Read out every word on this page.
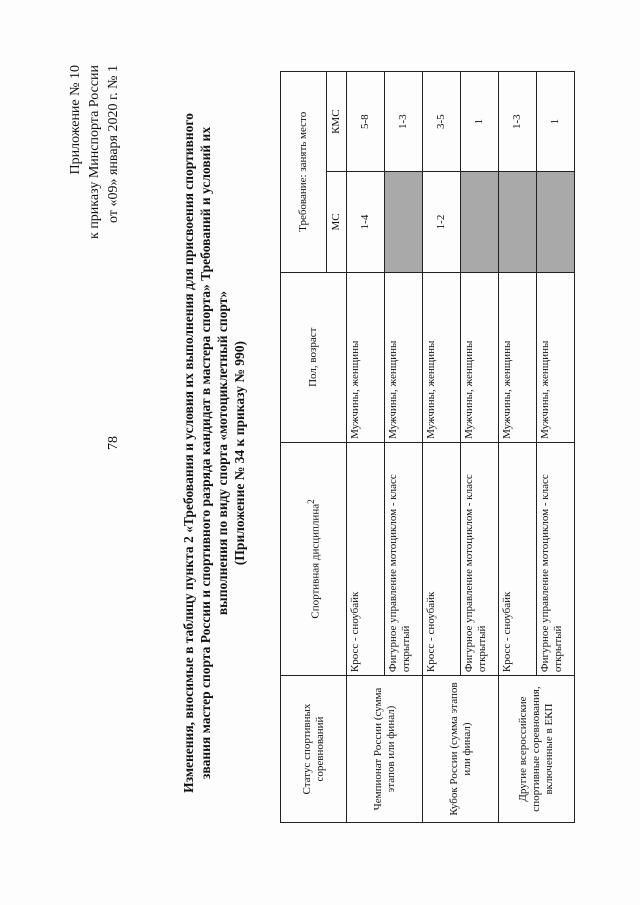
78
Приложение № 10 к приказу Минспорта России от «09» января 2020 г. № 1	Изменения, вносимые в таблицу пункта 2 «Требования и условия их выполнения для присвоения спортивного звания мастер спорта России и спортивного разряда кандидат в мастера спорта» Требований и условий их выполнения по виду спорта «мотоциклетный спорт» (Приложение № 34 к приказу № 990)
Статус спортивных соревнований	Спортивная дисциплина$^2$	Пол, возраст	Требование: занять место	
			МС	КМС
Чемпионат России (сумма этапов или финал)	Кросс - сноубайк	Мужчины, женщины	1-4	5-8
	Фигурное управление мотоциклом - класс открытый	Мужчины, женщины		1-3
Кубок России (сумма этапов или финал)	Кросс - сноубайк	Мужчины, женщины	1-2	3-5
	Фигурное управление мотоциклом - класс открытый	Мужчины, женщины		1
Другие всероссийские спортивные соревнования, включенные в ЕКП	Кросс - сноубайк	Мужчины, женщины		1-3
	Фигурное управление мотоциклом - класс открытый	Мужчины, женщины		1
